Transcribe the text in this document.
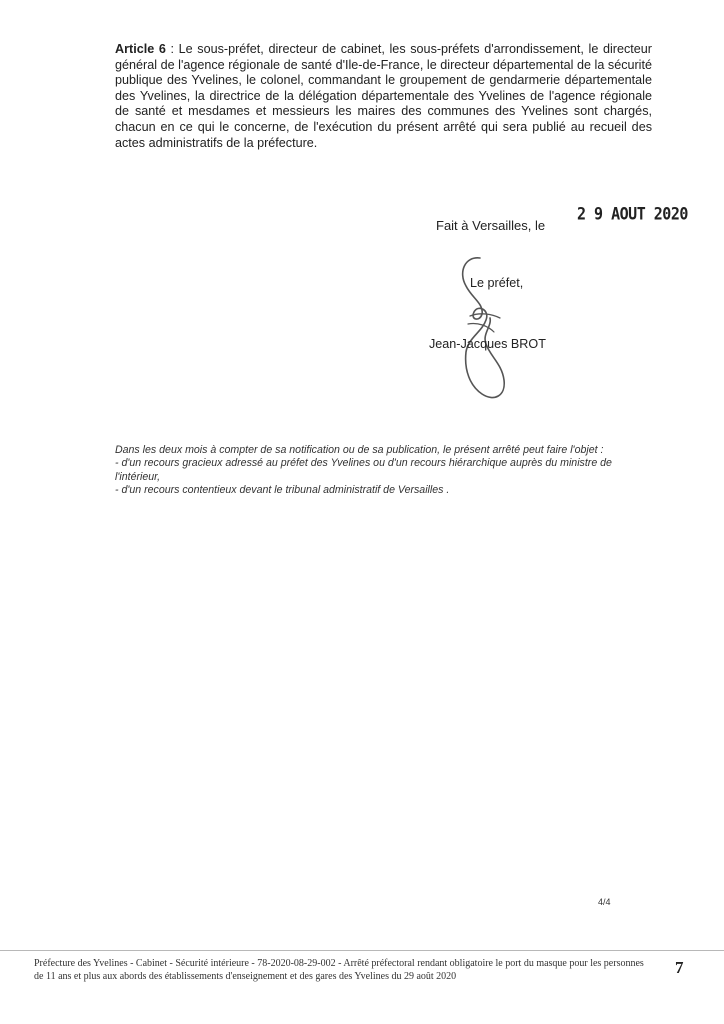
Article 6 : Le sous-préfet, directeur de cabinet, les sous-préfets d'arrondissement, le directeur général de l'agence régionale de santé d'Ile-de-France, le directeur départemental de la sécurité publique des Yvelines, le colonel, commandant le groupement de gendarmerie départementale des Yvelines, la directrice de la délégation départementale des Yvelines de l'agence régionale de santé et mesdames et messieurs les maires des communes des Yvelines sont chargés, chacun en ce qui le concerne, de l'exécution du présent arrêté qui sera publié au recueil des actes administratifs de la préfecture.
Fait à Versailles, le
2 9 AOUT 2020
Le préfet,
Jean-Jacques BROT

Dans les deux mois à compter de sa notification ou de sa publication, le présent arrêté peut faire l'objet :

- d'un recours gracieux adressé au préfet des Yvelines ou d'un recours hiérarchique auprès du ministre de l'intérieur,

- d'un recours contentieux devant le tribunal administratif de Versailles .

4/4
Préfecture des Yvelines - Cabinet - Sécurité intérieure - 78-2020-08-29-002 - Arrêté préfectoral rendant obligatoire le port du masque pour les personnes de 11 ans et plus aux abords des établissements d'enseignement et des gares des Yvelines du 29 août 2020	7
